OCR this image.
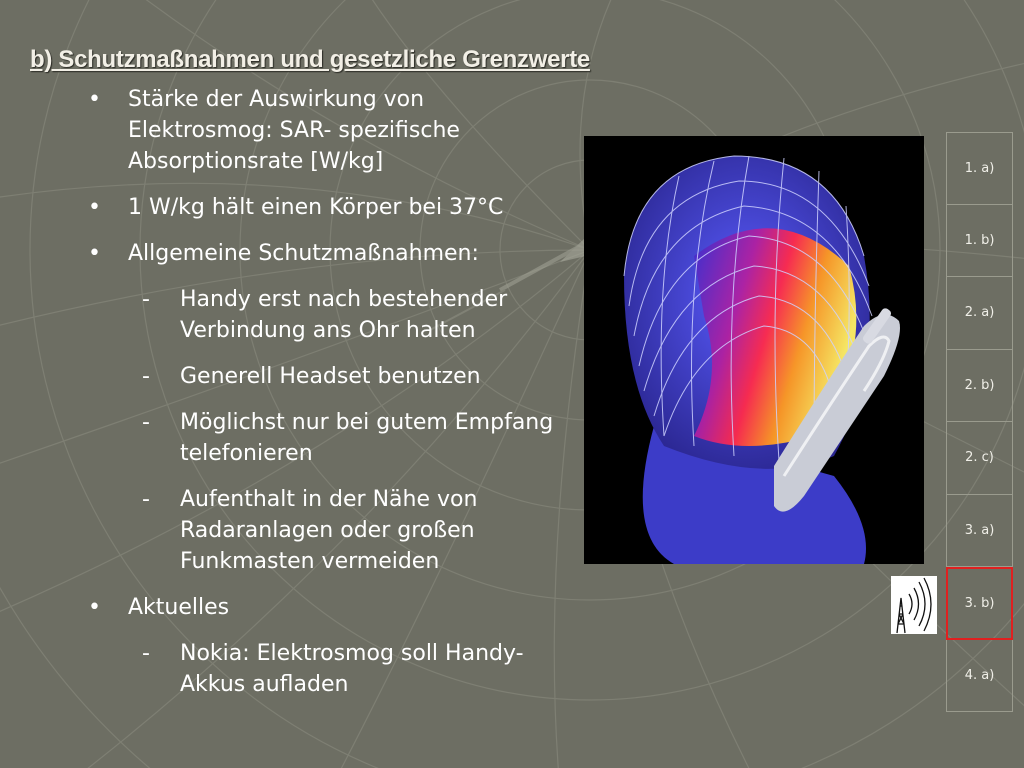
b) Schutzmaßnahmen und gesetzliche Grenzwerte
• Stärke der Auswirkung von Elektrosmog: SAR- spezifische Absorptionsrate [W/kg]
• 1 W/kg hält einen Körper bei 37°C
• Allgemeine Schutzmaßnahmen:
- Handy erst nach bestehender Verbindung ans Ohr halten
- Generell Headset benutzen
- Möglichst nur bei gutem Empfang telefonieren
- Aufenthalt in der Nähe von Radaranlagen oder großen Funkmasten vermeiden
• Aktuelles
- Nokia: Elektrosmog soll Handy-Akkus aufladen
1. a)
1. b)
2. a)
2. b)
2. c)
3. a)
3. b)
4. a)
